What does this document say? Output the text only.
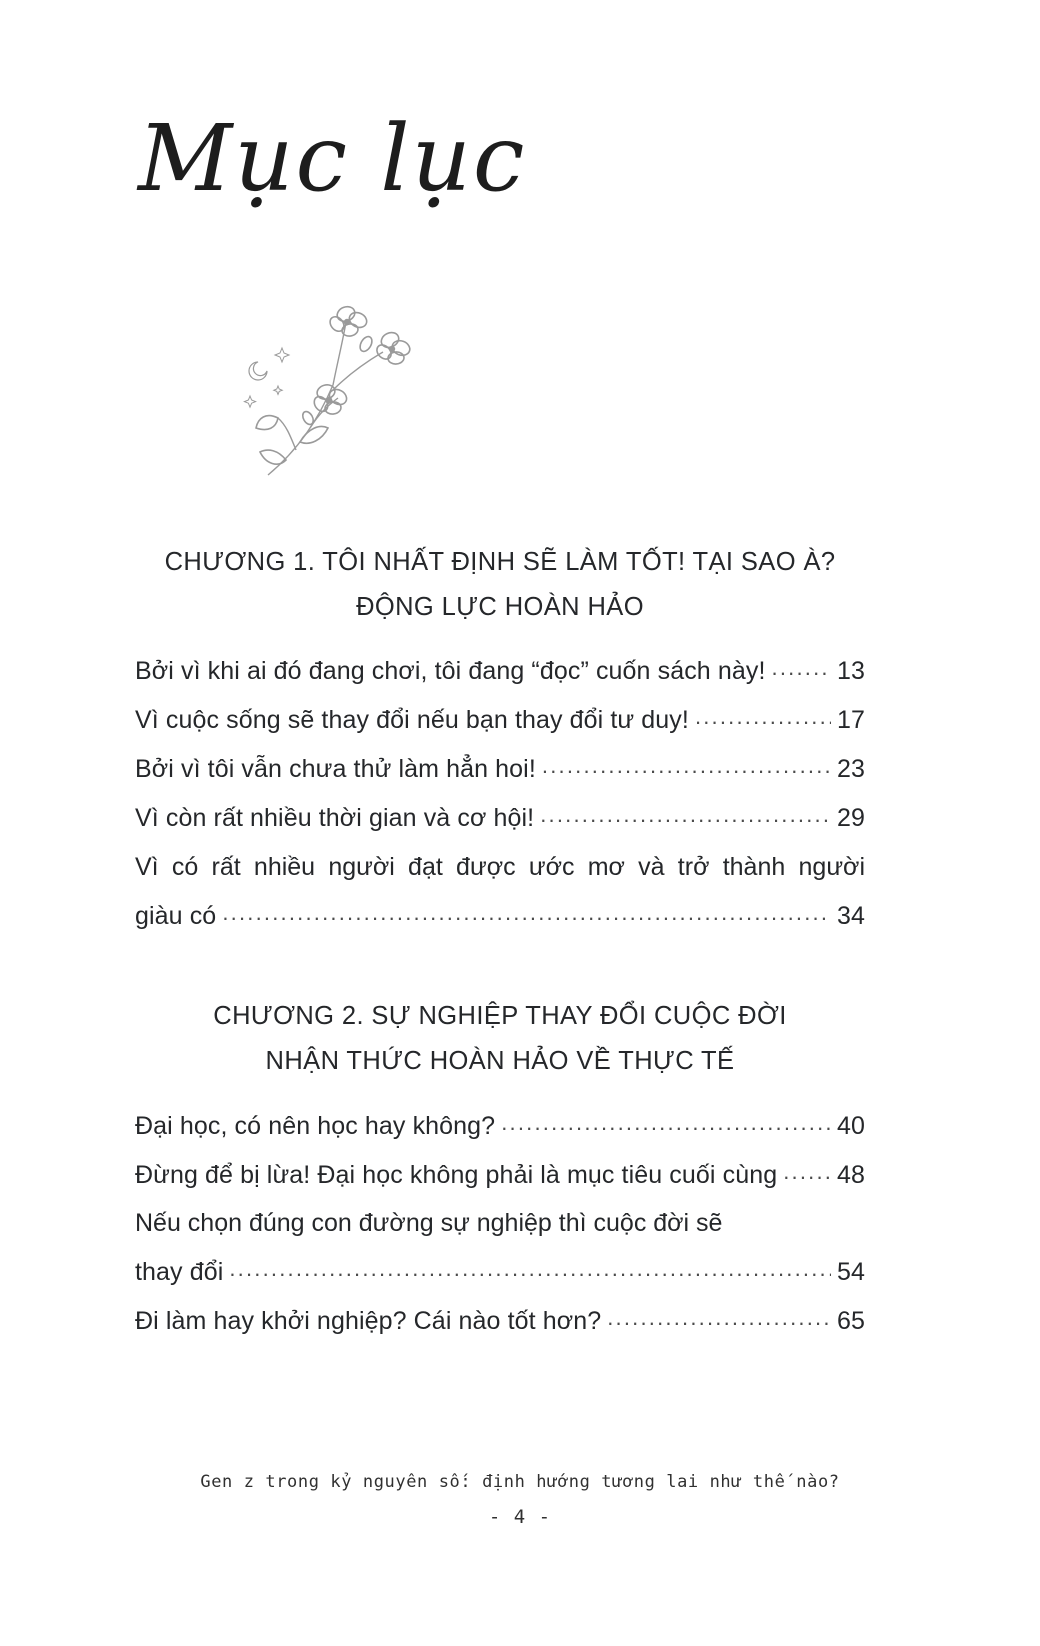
Mục lục
CHƯƠNG 1. TÔI NHẤT ĐỊNH SẼ LÀM TỐT! TẠI SAO À?
ĐỘNG LỰC HOÀN HẢO
Bởi vì khi ai đó đang chơi, tôi đang “đọc” cuốn sách này! .....	13
Vì cuộc sống sẽ thay đổi nếu bạn thay đổi tư duy! .....	17
Bởi vì tôi vẫn chưa thử làm hẳn hoi! .....	23
Vì còn rất nhiều thời gian và cơ hội! .....	29
Vì có rất nhiều người đạt được ước mơ và trở thành người
giàu có .....	34
CHƯƠNG 2. SỰ NGHIỆP THAY ĐỔI CUỘC ĐỜI
NHẬN THỨC HOÀN HẢO VỀ THỰC TẾ
Đại học, có nên học hay không? .....	40
Đừng để bị lừa! Đại học không phải là mục tiêu cuối cùng ..... 48
Nếu chọn đúng con đường sự nghiệp thì cuộc đời sẽ
thay đổi .....	54
Đi làm hay khởi nghiệp? Cái nào tốt hơn? .....	65
Gen z trong kỷ nguyên số: định hướng tương lai như thế nào?
- 4 -
